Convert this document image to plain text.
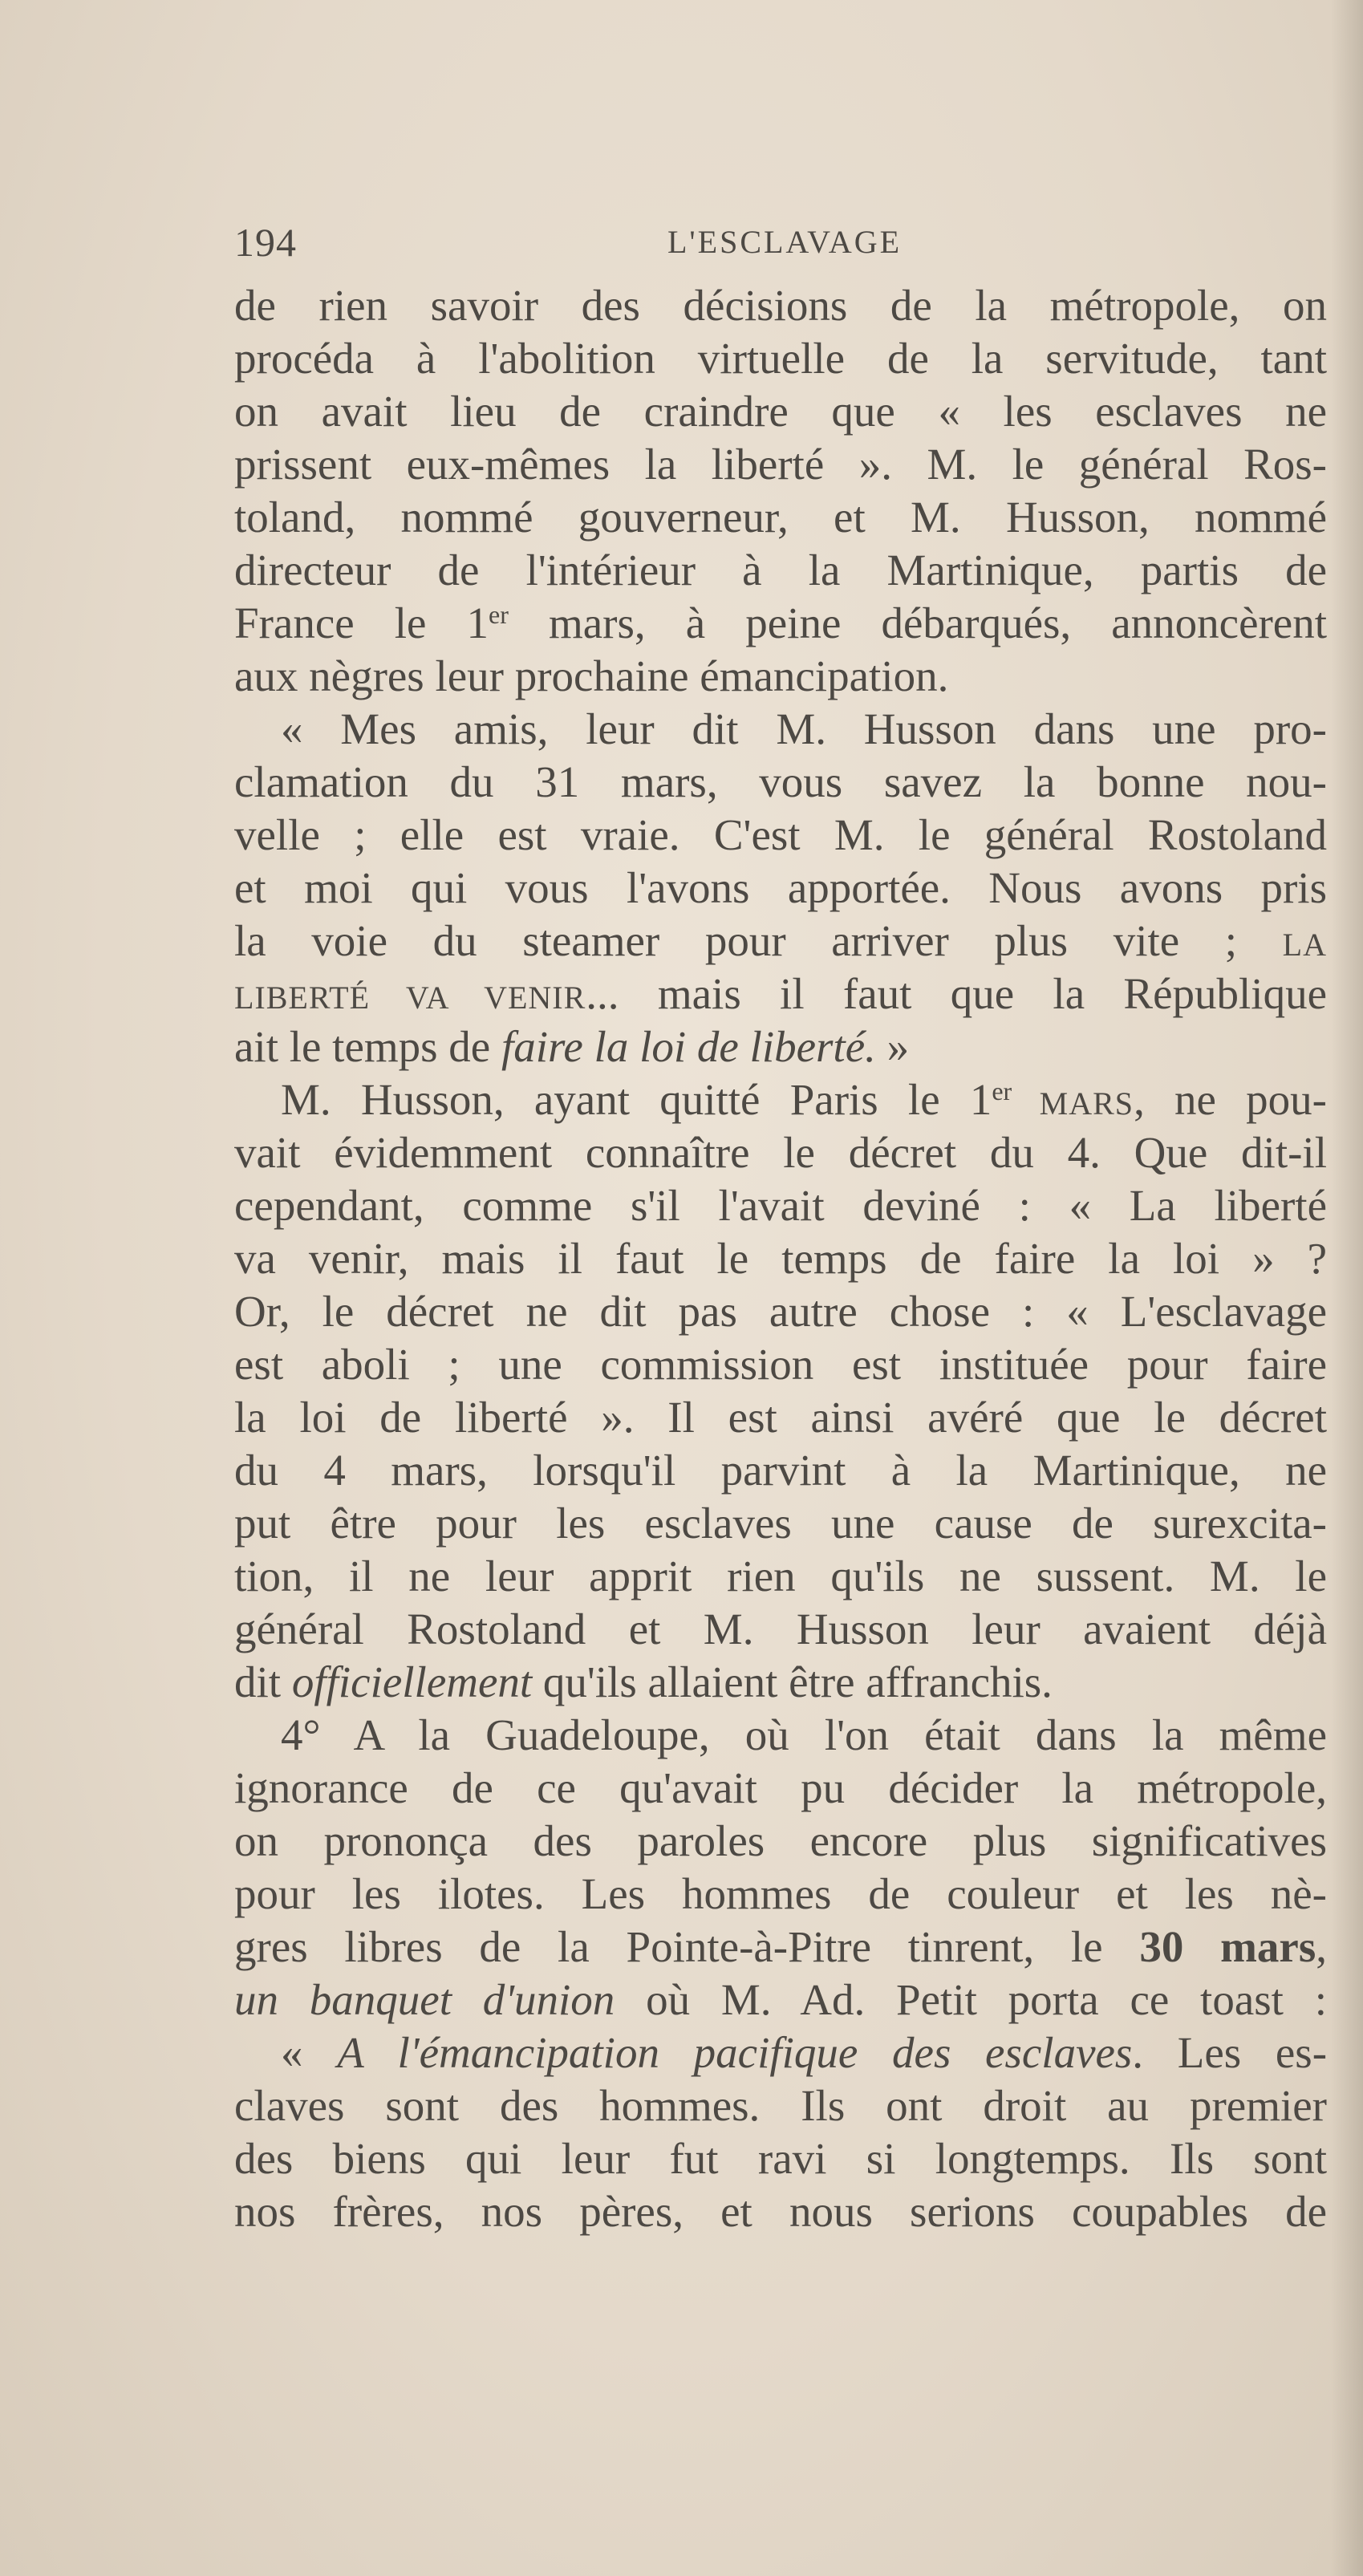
194	L'ESCLAVAGE
de rien savoir des décisions de la métropole, on
procéda à l'abolition virtuelle de la servitude, tant
on avait lieu de craindre que « les esclaves ne
prissent eux-mêmes la liberté ». M. le général Ros-
toland, nommé gouverneur, et M. Husson, nommé
directeur de l'intérieur à la Martinique, partis de
France le 1er mars, à peine débarqués, annoncèrent
aux nègres leur prochaine émancipation.
« Mes amis, leur dit M. Husson dans une pro-
clamation du 31 mars, vous savez la bonne nou-
velle ; elle est vraie. C'est M. le général Rostoland
et moi qui vous l'avons apportée. Nous avons pris
la voie du steamer pour arriver plus vite ; LA
LIBERTÉ VA VENIR... mais il faut que la République
ait le temps de faire la loi de liberté. »
M. Husson, ayant quitté Paris le 1er MARS, ne pou-
vait évidemment connaître le décret du 4. Que dit-il
cependant, comme s'il l'avait deviné : « La liberté
va venir, mais il faut le temps de faire la loi » ?
Or, le décret ne dit pas autre chose : « L'esclavage
est aboli ; une commission est instituée pour faire
la loi de liberté ». Il est ainsi avéré que le décret
du 4 mars, lorsqu'il parvint à la Martinique, ne
put être pour les esclaves une cause de surexcita-
tion, il ne leur apprit rien qu'ils ne sussent. M. le
général Rostoland et M. Husson leur avaient déjà
dit officiellement qu'ils allaient être affranchis.
4° A la Guadeloupe, où l'on était dans la même
ignorance de ce qu'avait pu décider la métropole,
on prononça des paroles encore plus significatives
pour les ilotes. Les hommes de couleur et les nè-
gres libres de la Pointe-à-Pitre tinrent, le 30 mars,
un banquet d'union où M. Ad. Petit porta ce toast :
« A l'émancipation pacifique des esclaves. Les es-
claves sont des hommes. Ils ont droit au premier
des biens qui leur fut ravi si longtemps. Ils sont
nos frères, nos pères, et nous serions coupables de
